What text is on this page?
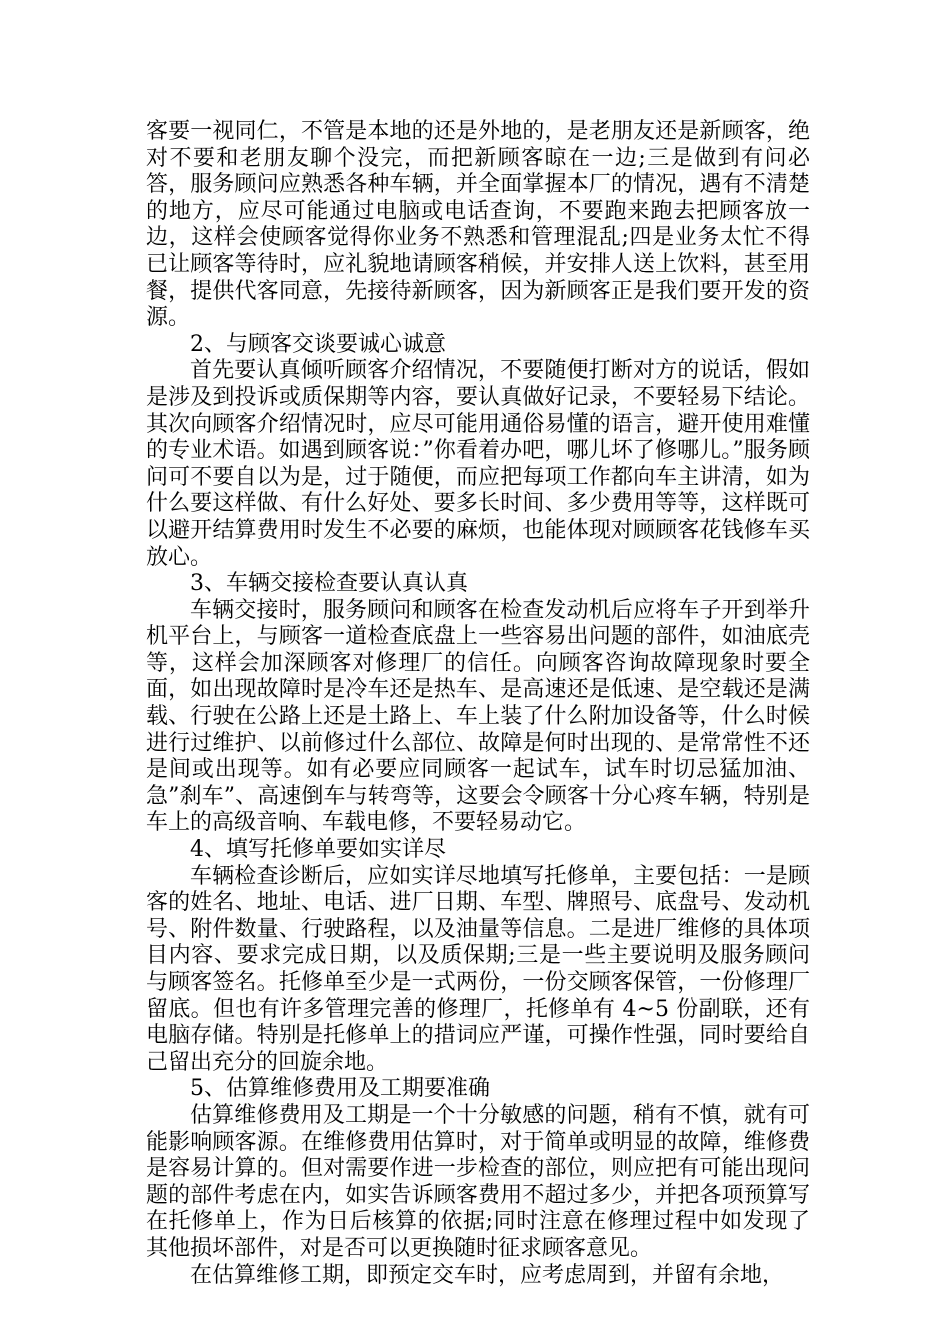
客要一视同仁，不管是本地的还是外地的，是老朋友还是新顾客，绝对不要和老朋友聊个没完，而把新顾客晾在一边;三是做到有问必答，服务顾问应熟悉各种车辆，并全面掌握本厂的情况，遇有不清楚的地方，应尽可能通过电脑或电话查询，不要跑来跑去把顾客放一边，这样会使顾客觉得你业务不熟悉和管理混乱;四是业务太忙不得已让顾客等待时，应礼貌地请顾客稍候，并安排人送上饮料，甚至用餐，提供代客同意，先接待新顾客，因为新顾客正是我们要开发的资源。

2、与顾客交谈要诚心诚意

首先要认真倾听顾客介绍情况，不要随便打断对方的说话，假如是涉及到投诉或质保期等内容，要认真做好记录，不要轻易下结论。其次向顾客介绍情况时，应尽可能用通俗易懂的语言，避开使用难懂的专业术语。如遇到顾客说：”你看着办吧，哪儿坏了修哪儿。”服务顾问可不要自以为是，过于随便，而应把每项工作都向车主讲清，如为什么要这样做、有什么好处、要多长时间、多少费用等等，这样既可以避开结算费用时发生不必要的麻烦，也能体现对顾顾客花钱修车买放心。

3、车辆交接检查要认真认真

车辆交接时，服务顾问和顾客在检查发动机后应将车子开到举升机平台上，与顾客一道检查底盘上一些容易出问题的部件，如油底壳等，这样会加深顾客对修理厂的信任。向顾客咨询故障现象时要全面，如出现故障时是冷车还是热车、是高速还是低速、是空载还是满载、行驶在公路上还是土路上、车上装了什么附加设备等，什么时候进行过维护、以前修过什么部位、故障是何时出现的、是常常性不还是间或出现等。如有必要应同顾客一起试车，试车时切忌猛加油、急”刹车”、高速倒车与转弯等，这要会令顾客十分心疼车辆，特别是车上的高级音响、车载电修，不要轻易动它。

4、填写托修单要如实详尽

车辆检查诊断后，应如实详尽地填写托修单，主要包括：一是顾客的姓名、地址、电话、进厂日期、车型、牌照号、底盘号、发动机号、附件数量、行驶路程，以及油量等信息。二是进厂维修的具体项目内容、要求完成日期，以及质保期;三是一些主要说明及服务顾问与顾客签名。托修单至少是一式两份，一份交顾客保管，一份修理厂留底。但也有许多管理完善的修理厂，托修单有 4~5 份副联，还有电脑存储。特别是托修单上的措词应严谨，可操作性强，同时要给自己留出充分的回旋余地。

5、估算维修费用及工期要准确

估算维修费用及工期是一个十分敏感的问题，稍有不慎，就有可能影响顾客源。在维修费用估算时，对于简单或明显的故障，维修费是容易计算的。但对需要作进一步检查的部位，则应把有可能出现问题的部件考虑在内，如实告诉顾客费用不超过多少，并把各项预算写在托修单上，作为日后核算的依据;同时注意在修理过程中如发现了其他损坏部件，对是否可以更换随时征求顾客意见。

在估算维修工期，即预定交车时，应考虑周到，并留有余地，
